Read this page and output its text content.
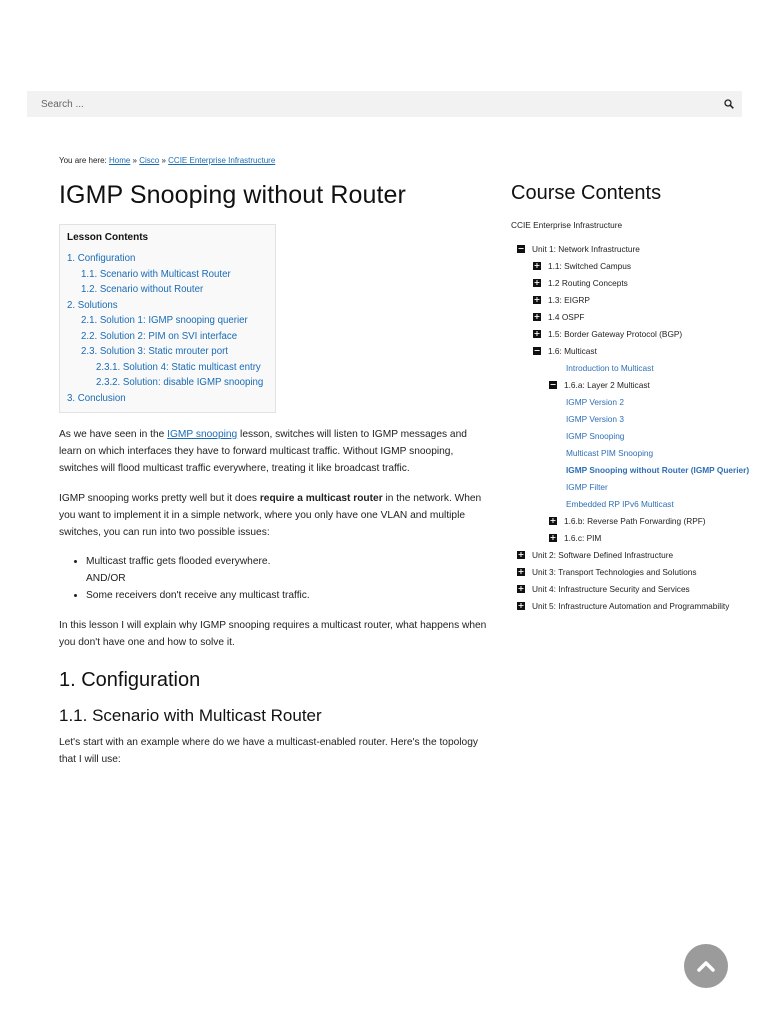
Search ...
You are here: Home » Cisco » CCIE Enterprise Infrastructure
IGMP Snooping without Router
Lesson Contents
1. Configuration
1.1. Scenario with Multicast Router
1.2. Scenario without Router
2. Solutions
2.1. Solution 1: IGMP snooping querier
2.2. Solution 2: PIM on SVI interface
2.3. Solution 3: Static mrouter port
2.3.1. Solution 4: Static multicast entry
2.3.2. Solution: disable IGMP snooping
3. Conclusion

As we have seen in the IGMP snooping lesson, switches will listen to IGMP messages and learn on which interfaces they have to forward multicast traffic. Without IGMP snooping, switches will flood multicast traffic everywhere, treating it like broadcast traffic.

IGMP snooping works pretty well but it does require a multicast router in the network. When you want to implement it in a simple network, where you only have one VLAN and multiple switches, you can run into two possible issues:

• Multicast traffic gets flooded everywhere.
AND/OR
• Some receivers don't receive any multicast traffic.

In this lesson I will explain why IGMP snooping requires a multicast router, what happens when you don't have one and how to solve it.

1. Configuration
1.1. Scenario with Multicast Router

Let's start with an example where do we have a multicast-enabled router. Here's the topology that I will use:

Course Contents
CCIE Enterprise Infrastructure
− Unit 1: Network Infrastructure
+ 1.1: Switched Campus
+ 1.2 Routing Concepts
+ 1.3: EIGRP
+ 1.4 OSPF
+ 1.5: Border Gateway Protocol (BGP)
− 1.6: Multicast
Introduction to Multicast
− 1.6.a: Layer 2 Multicast
IGMP Version 2
IGMP Version 3
IGMP Snooping
Multicast PIM Snooping
IGMP Snooping without Router (IGMP Querier)
IGMP Filter
Embedded RP IPv6 Multicast
+ 1.6.b: Reverse Path Forwarding (RPF)
+ 1.6.c: PIM
+ Unit 2: Software Defined Infrastructure
+ Unit 3: Transport Technologies and Solutions
+ Unit 4: Infrastructure Security and Services
+ Unit 5: Infrastructure Automation and Programmability
